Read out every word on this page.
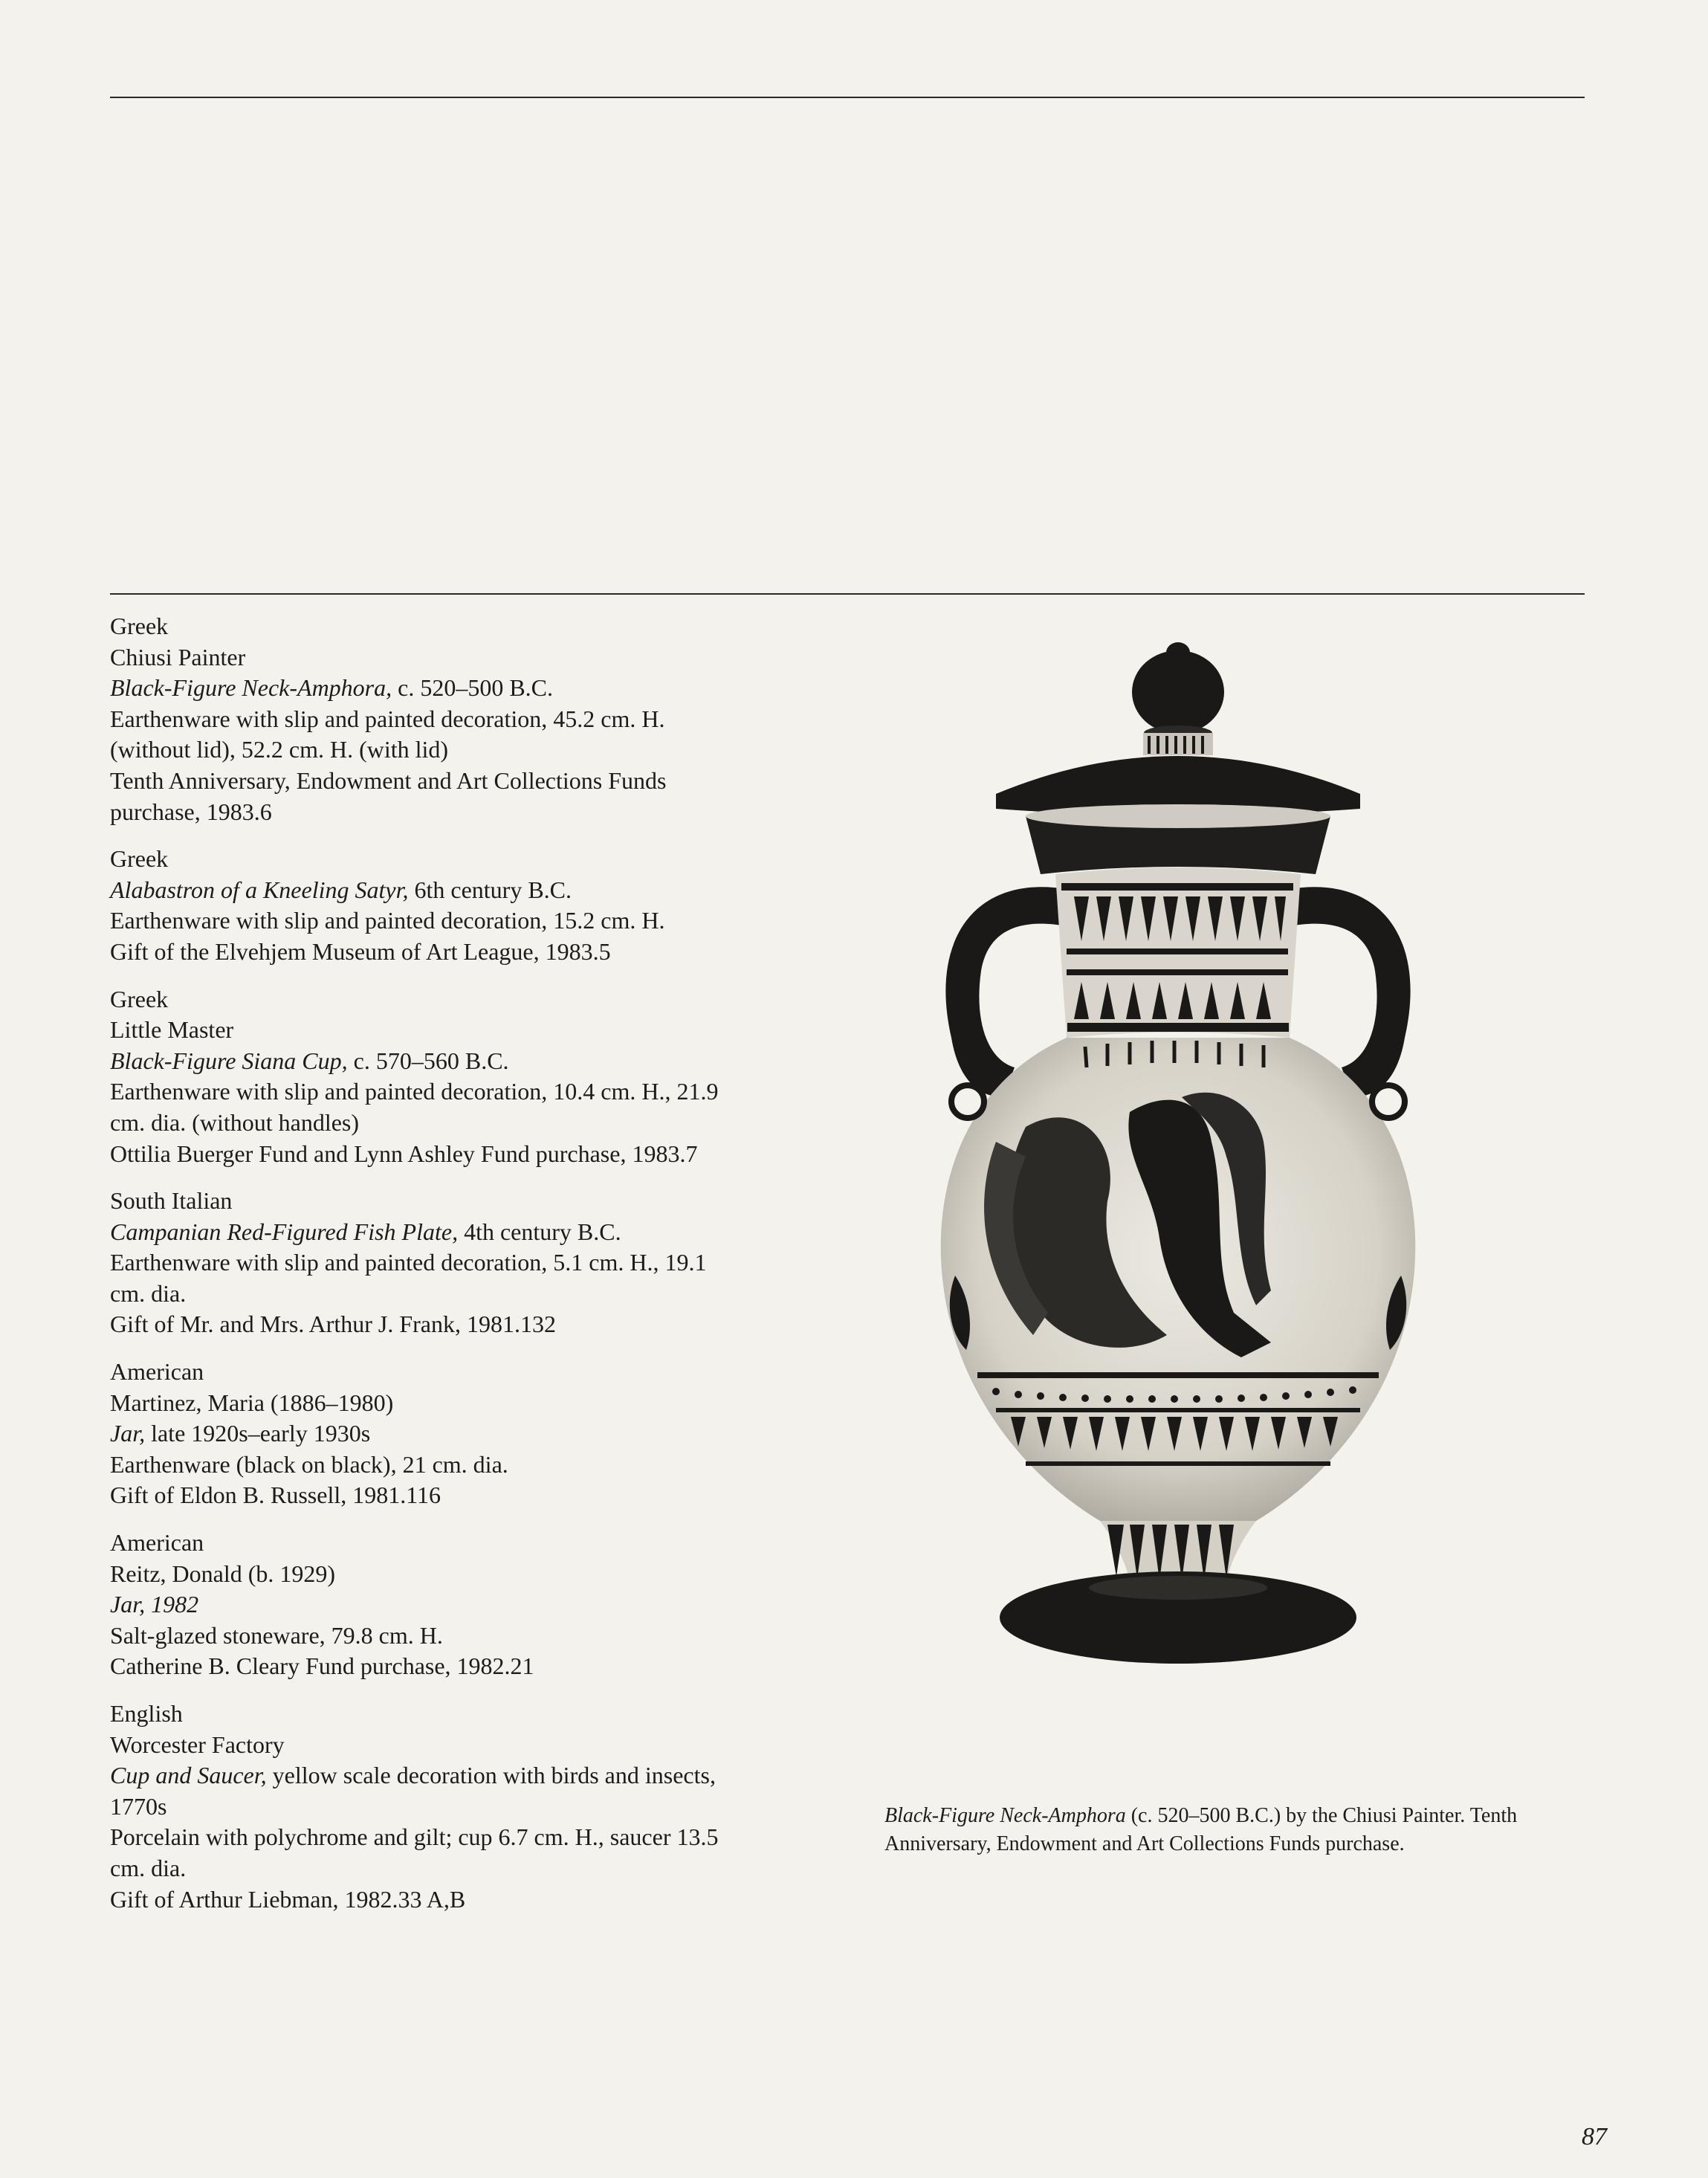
Greek
Chiusi Painter
Black-Figure Neck-Amphora, c. 520–500 B.C.
Earthenware with slip and painted decoration, 45.2 cm. H.
(without lid), 52.2 cm. H. (with lid)
Tenth Anniversary, Endowment and Art Collections Funds
purchase, 1983.6
Greek
Alabastron of a Kneeling Satyr, 6th century B.C.
Earthenware with slip and painted decoration, 15.2 cm. H.
Gift of the Elvehjem Museum of Art League, 1983.5
Greek
Little Master
Black-Figure Siana Cup, c. 570–560 B.C.
Earthenware with slip and painted decoration, 10.4 cm. H., 21.9
cm. dia. (without handles)
Ottilia Buerger Fund and Lynn Ashley Fund purchase, 1983.7
South Italian
Campanian Red-Figured Fish Plate, 4th century B.C.
Earthenware with slip and painted decoration, 5.1 cm. H., 19.1
cm. dia.
Gift of Mr. and Mrs. Arthur J. Frank, 1981.132
American
Martinez, Maria (1886–1980)
Jar, late 1920s–early 1930s
Earthenware (black on black), 21 cm. dia.
Gift of Eldon B. Russell, 1981.116
American
Reitz, Donald (b. 1929)
Jar, 1982
Salt-glazed stoneware, 79.8 cm. H.
Catherine B. Cleary Fund purchase, 1982.21
English
Worcester Factory
Cup and Saucer, yellow scale decoration with birds and insects,
1770s
Porcelain with polychrome and gilt; cup 6.7 cm. H., saucer 13.5
cm. dia.
Gift of Arthur Liebman, 1982.33 A,B
Black-Figure Neck-Amphora (c. 520–500 B.C.) by the Chiusi Painter. Tenth Anniversary, Endowment and Art Collections Funds purchase.
87
